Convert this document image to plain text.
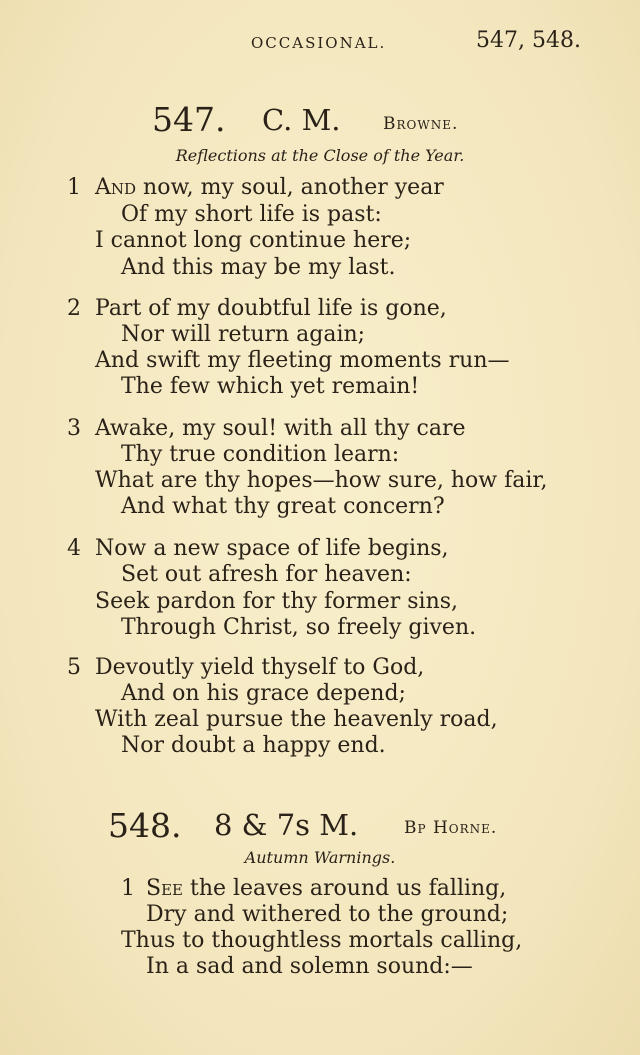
OCCASIONAL.	547, 548.
547. C. M. Browne.
Reflections at the Close of the Year.
1 And now, my soul, another year
Of my short life is past:
I cannot long continue here;
And this may be my last.
2 Part of my doubtful life is gone,
Nor will return again;
And swift my fleeting moments run—
The few which yet remain!
3 Awake, my soul! with all thy care
Thy true condition learn:
What are thy hopes—how sure, how fair,
And what thy great concern?
4 Now a new space of life begins,
Set out afresh for heaven:
Seek pardon for thy former sins,
Through Christ, so freely given.
5 Devoutly yield thyself to God,
And on his grace depend;
With zeal pursue the heavenly road,
Nor doubt a happy end.
548. 8 & 7s M.	Bp Horne.
Autumn Warnings.
1 See the leaves around us falling,
Dry and withered to the ground;
Thus to thoughtless mortals calling,
In a sad and solemn sound:—
